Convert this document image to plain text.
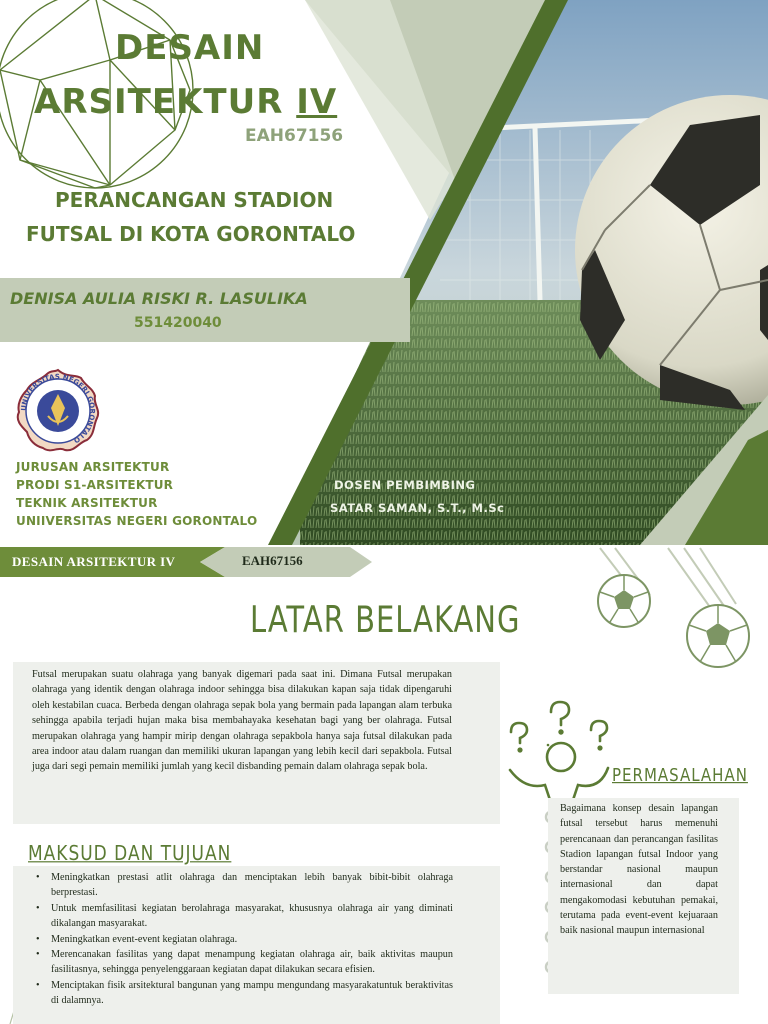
DESAIN
ARSITEKTUR IV
EAH67156
PERANCANGAN STADION
FUTSAL DI KOTA GORONTALO
DENISA AULIA RISKI R. LASULIKA
551420040
UNIVERSITAS NEGERI GORONTALO
JURUSAN ARSITEKTUR
PRODI S1-ARSITEKTUR
TEKNIK ARSITEKTUR
UNIIVERSITAS NEGERI GORONTALO
DOSEN PEMBIMBING
SATAR SAMAN, S.T., M.Sc
DESAIN ARSITEKTUR IV	EAH67156
LATAR BELAKANG

Futsal merupakan suatu olahraga yang banyak digemari pada saat ini. Dimana Futsal merupakan olahraga yang identik dengan olahraga indoor sehingga bisa dilakukan kapan saja tidak dipengaruhi oleh kestabilan cuaca. Berbeda dengan olahraga sepak bola yang bermain pada lapangan alam terbuka sehingga apabila terjadi hujan maka bisa membahayaka kesehatan bagi yang ber olahraga. Futsal merupakan olahraga yang hampir mirip dengan olahraga sepakbola hanya saja futsal dilakukan pada area indoor atau dalam ruangan dan memiliki ukuran lapangan yang lebih kecil dari sepakbola. Futsal juga dari segi pemain memiliki jumlah yang kecil disbanding pemain dalam olahraga sepak bola.

MAKSUD DAN TUJUAN
• Meningkatkan prestasi atlit olahraga dan menciptakan lebih banyak bibit-bibit olahraga berprestasi.
• Untuk memfasilitasi kegiatan berolahraga masyarakat, khususnya olahraga air yang diminati dikalangan masyarakat.
• Meningkatkan event-event kegiatan olahraga.
• Merencanakan fasilitas yang dapat menampung kegiatan olahraga air, baik aktivitas maupun fasilitasnya, sehingga penyelenggaraan kegiatan dapat dilakukan secara efisien.
• Menciptakan fisik arsitektural bangunan yang mampu mengundang masyarakatuntuk beraktivitas di dalamnya.
PERMASALAHAN

Bagaimana konsep desain lapangan futsal tersebut harus memenuhi perencanaan dan perancangan fasilitas Stadion lapangan futsal Indoor yang berstandar nasional maupun internasional dan dapat mengakomodasi kebutuhan pemakai, terutama pada event-event kejuaraan baik nasional maupun internasional
